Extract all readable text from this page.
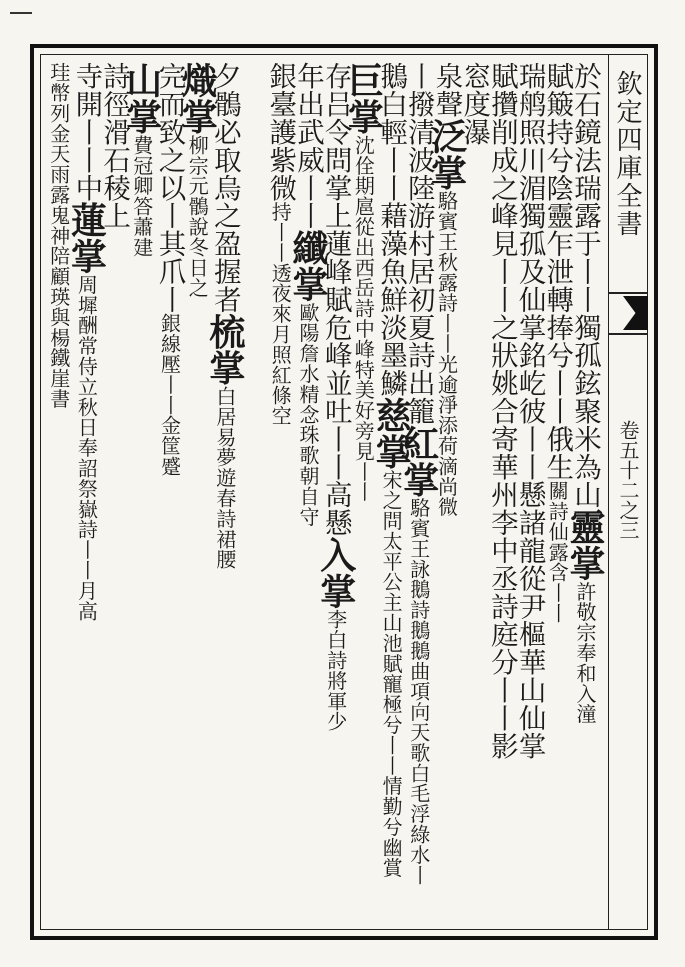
欽定四庫全書
卷五十二之三
於石鏡法瑞露于丨丨獨孤鉉聚米為山靈掌許敬宗奉和入潼
賦簸持兮陰靈乍泄轉捧兮丨丨俄生關詩仙露含丨丨
瑞鸼照川湄獨孤及仙掌銘屹彼丨丨懸諸龍從尹樞華山仙掌
賦攢削成之峰見丨丨之狀姚合寄華州李中丞詩庭分丨丨影
窓度瀑
泉聲泛掌駱賓王秋露詩丨丨光逾淨添荷滴尚微
丨撥清波陸游村居初夏詩出籠紅掌駱賓王詠鵝詩鵝鵝曲項向天歌白毛浮綠水丨
鵝白輕丨丨藉藻魚鮮淡墨鱗慈掌宋之問太平公主山池賦寵極兮丨丨情勤兮幽賞
巨掌沈佺期扈從出西岳詩中峰特美好旁見丨丨
存吕令問掌上蓮峰賦危峰並吐丨丨高懸入掌李白詩將軍少
年出武威丨丨纖掌歐陽詹水精念珠歌朝自守
銀臺護紫微持丨丨透夜來月照紅條空
夕鶻必取烏之盈握者梳掌白居易夢遊春詩裙腰
熾掌柳宗元鶻說冬日之
完而致之以丨其爪丨銀線壓丨丨金筐蹙
山掌費冠卿答蕭建
詩徑滑石稜上
寺開丨丨中蓮掌周墀酬常侍立秋日奉詔祭嶽詩丨丨月高
珪幣列金天雨露鬼神陪顧瑛與楊鐵崖書
